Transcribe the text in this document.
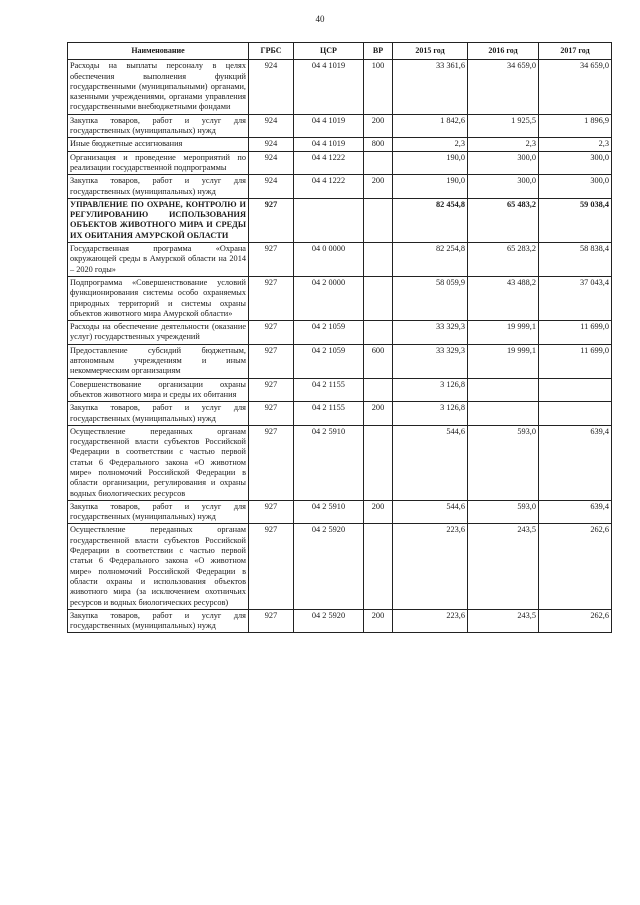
40
Наименование	ГРБС	ЦСР	ВР	2015 год	2016 год	2017 год
Расходы на выплаты персоналу в целях обеспечения выполнения функций государственными (муниципальными) органами, казенными учреждениями, органами управления государственными внебюджетными фондами	924	04 4 1019	100	33 361,6	34 659,0	34 659,0
Закупка товаров, работ и услуг для государственных (муниципальных) нужд	924	04 4 1019	200	1 842,6	1 925,5	1 896,9
Иные бюджетные ассигнования	924	04 4 1019	800	2,3	2,3	2,3
Организация и проведение мероприятий по реализации государственной подпрограммы	924	04 4 1222		190,0	300,0	300,0
Закупка товаров, работ и услуг для государственных (муниципальных) нужд	924	04 4 1222	200	190,0	300,0	300,0
УПРАВЛЕНИЕ ПО ОХРАНЕ, КОНТРОЛЮ И РЕГУЛИРОВАНИЮ ИСПОЛЬЗОВАНИЯ ОБЪЕКТОВ ЖИВОТНОГО МИРА И СРЕДЫ ИХ ОБИТАНИЯ АМУРСКОЙ ОБЛАСТИ	927			82 454,8	65 483,2	59 038,4
Государственная программа «Охрана окружающей среды в Амурской области на 2014 – 2020 годы»	927	04 0 0000		82 254,8	65 283,2	58 838,4
Подпрограмма «Совершенствование условий функционирования системы особо охраняемых природных территорий и системы охраны объектов животного мира Амурской области»	927	04 2 0000		58 059,9	43 488,2	37 043,4
Расходы на обеспечение деятельности (оказание услуг) государственных учреждений	927	04 2 1059		33 329,3	19 999,1	11 699,0
Предоставление субсидий бюджетным, автономным учреждениям и иным некоммерческим организациям	927	04 2 1059	600	33 329,3	19 999,1	11 699,0
Совершенствование организации охраны объектов животного мира и среды их обитания	927	04 2 1155		3 126,8		
Закупка товаров, работ и услуг для государственных (муниципальных) нужд	927	04 2 1155	200	3 126,8		
Осуществление переданных органам государственной власти субъектов Российской Федерации в соответствии с частью первой статьи 6 Федерального закона «О животном мире» полномочий Российской Федерации в области организации, регулирования и охраны водных биологических ресурсов	927	04 2 5910		544,6	593,0	639,4
Закупка товаров, работ и услуг для государственных (муниципальных) нужд	927	04 2 5910	200	544,6	593,0	639,4
Осуществление переданных органам государственной власти субъектов Российской Федерации в соответствии с частью первой статьи 6 Федерального закона «О животном мире» полномочий Российской Федерации в области охраны и использования объектов животного мира (за исключением охотничьих ресурсов и водных биологических ресурсов)	927	04 2 5920		223,6	243,5	262,6
Закупка товаров, работ и услуг для государственных (муниципальных) нужд	927	04 2 5920	200	223,6	243,5	262,6
